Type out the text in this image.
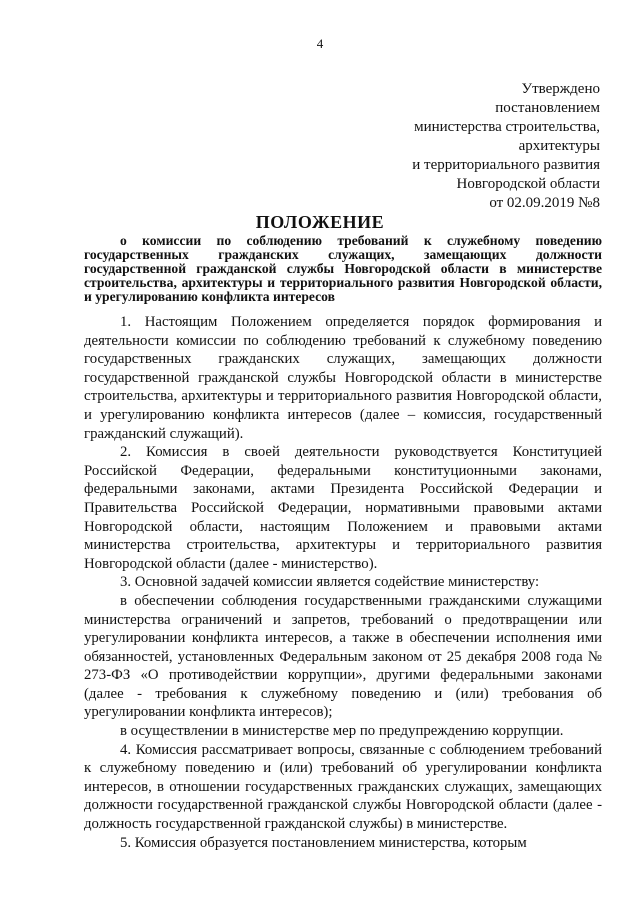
4
Утверждено
постановлением
министерства строительства,
архитектуры
и территориального развития
Новгородской области
от 02.09.2019 №8
ПОЛОЖЕНИЕ
о комиссии по соблюдению требований к служебному поведению государственных гражданских служащих, замещающих должности государственной гражданской службы Новгородской области в министерстве строительства, архитектуры и территориального развития Новгородской области, и урегулированию конфликта интересов

1. Настоящим Положением определяется порядок формирования и деятельности комиссии по соблюдению требований к служебному поведению государственных гражданских служащих, замещающих должности государственной гражданской службы Новгородской области в министерстве строительства, архитектуры и территориального развития Новгородской области, и урегулированию конфликта интересов (далее – комиссия, государственный гражданский служащий).

2. Комиссия в своей деятельности руководствуется Конституцией Российской Федерации, федеральными конституционными законами, федеральными законами, актами Президента Российской Федерации и Правительства Российской Федерации, нормативными правовыми актами Новгородской области, настоящим Положением и правовыми актами министерства строительства, архитектуры и территориального развития Новгородской области (далее - министерство).

3. Основной задачей комиссии является содействие министерству:

в обеспечении соблюдения государственными гражданскими служащими министерства ограничений и запретов, требований о предотвращении или урегулировании конфликта интересов, а также в обеспечении исполнения ими обязанностей, установленных Федеральным законом от 25 декабря 2008 года № 273-ФЗ «О противодействии коррупции», другими федеральными законами (далее - требования к служебному поведению и (или) требования об урегулировании конфликта интересов);

в осуществлении в министерстве мер по предупреждению коррупции.

4. Комиссия рассматривает вопросы, связанные с соблюдением требований к служебному поведению и (или) требований об урегулировании конфликта интересов, в отношении государственных гражданских служащих, замещающих должности государственной гражданской службы Новгородской области (далее - должность государственной гражданской службы) в министерстве.

5. Комиссия образуется постановлением министерства, которым
